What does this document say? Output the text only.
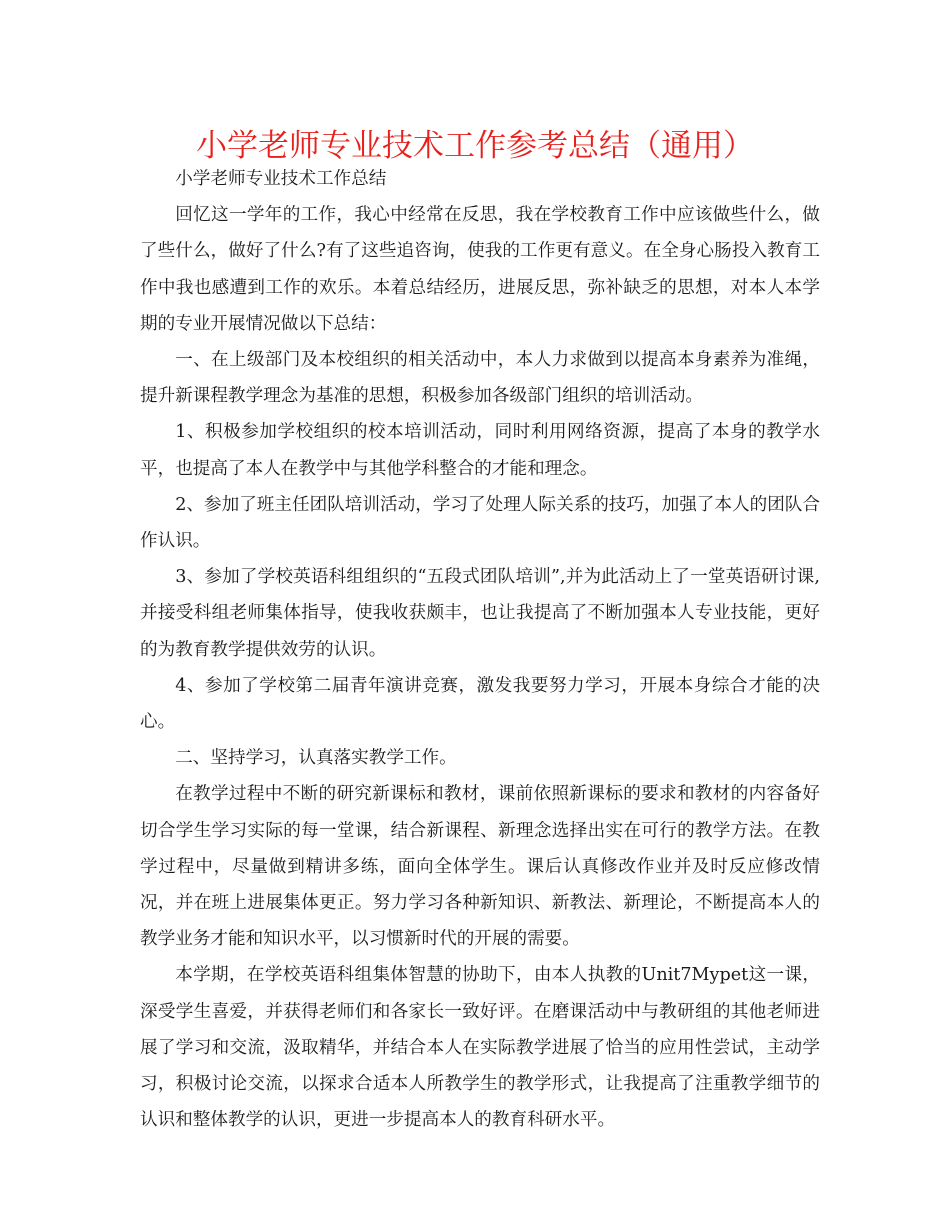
小学老师专业技术工作参考总结（通用）

小学老师专业技术工作总结

回忆这一学年的工作，我心中经常在反思，我在学校教育工作中应该做些什么，做了些什么，做好了什么?有了这些追咨询，使我的工作更有意义。在全身心肠投入教育工作中我也感遭到工作的欢乐。本着总结经历，进展反思，弥补缺乏的思想，对本人本学期的专业开展情况做以下总结：

一、在上级部门及本校组织的相关活动中，本人力求做到以提高本身素养为准绳，提升新课程教学理念为基准的思想，积极参加各级部门组织的培训活动。

1、积极参加学校组织的校本培训活动，同时利用网络资源，提高了本身的教学水平，也提高了本人在教学中与其他学科整合的才能和理念。

2、参加了班主任团队培训活动，学习了处理人际关系的技巧，加强了本人的团队合作认识。

3、参加了学校英语科组组织的“五段式团队培训”,并为此活动上了一堂英语研讨课,并接受科组老师集体指导，使我收获颇丰，也让我提高了不断加强本人专业技能，更好的为教育教学提供效劳的认识。

4、参加了学校第二届青年演讲竞赛，激发我要努力学习，开展本身综合才能的决心。

二、坚持学习，认真落实教学工作。

在教学过程中不断的研究新课标和教材，课前依照新课标的要求和教材的内容备好切合学生学习实际的每一堂课，结合新课程、新理念选择出实在可行的教学方法。在教学过程中，尽量做到精讲多练，面向全体学生。课后认真修改作业并及时反应修改情况，并在班上进展集体更正。努力学习各种新知识、新教法、新理论，不断提高本人的教学业务才能和知识水平，以习惯新时代的开展的需要。

本学期，在学校英语科组集体智慧的协助下，由本人执教的Unit7Mypet这一课，深受学生喜爱，并获得老师们和各家长一致好评。在磨课活动中与教研组的其他老师进展了学习和交流，汲取精华，并结合本人在实际教学进展了恰当的应用性尝试，主动学习，积极讨论交流，以探求合适本人所教学生的教学形式，让我提高了注重教学细节的认识和整体教学的认识，更进一步提高本人的教育科研水平。
